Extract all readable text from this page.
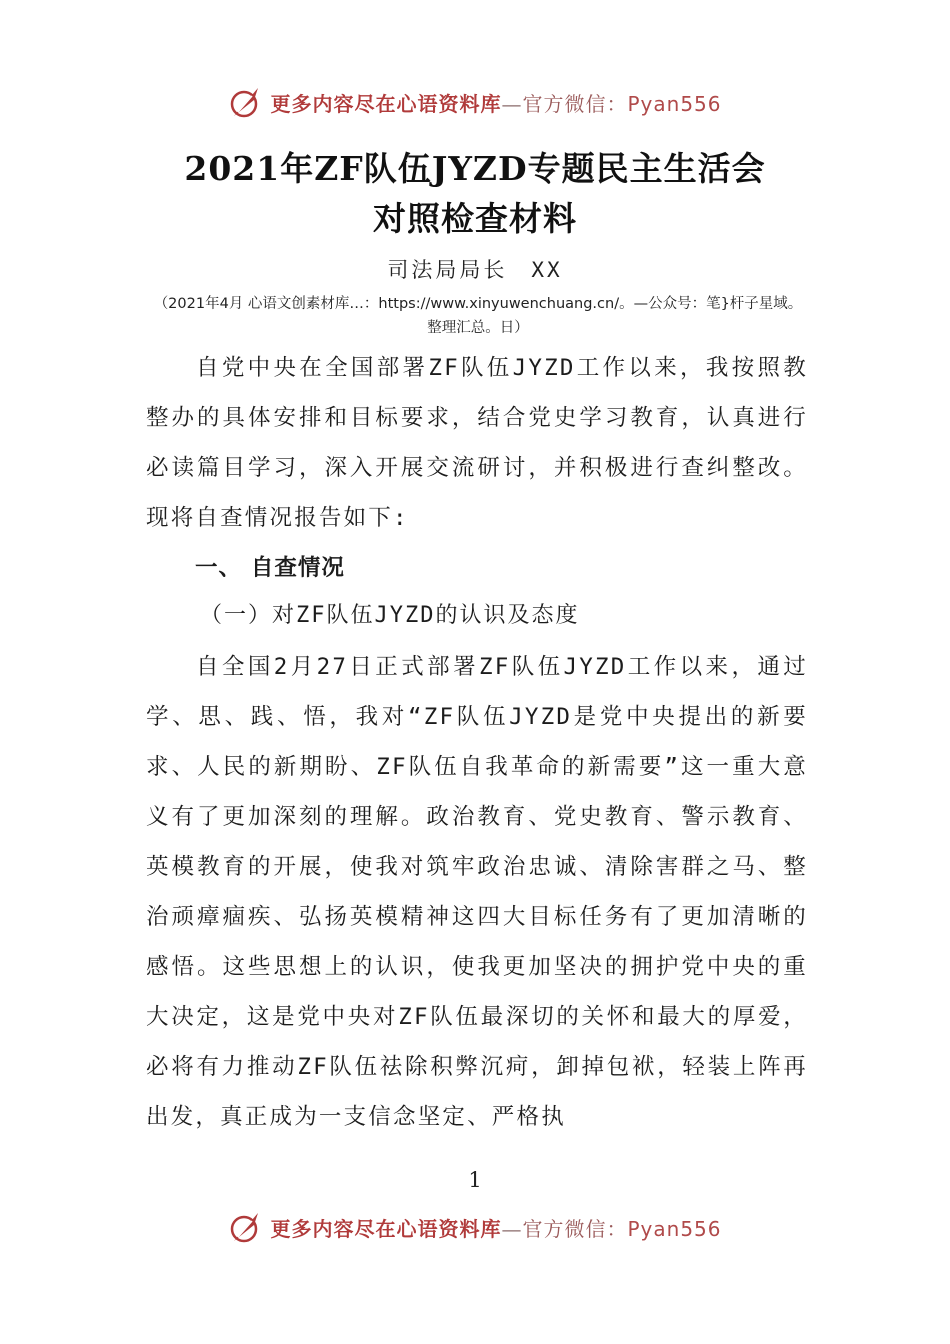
更多内容尽在心语资料库—官方微信：Pyan556
2021年ZF队伍JYZD专题民主生活会
对照检查材料
司法局局长　XX
（2021年4月 心语文创素材库…：https://www.xinyuwenchuang.cn/。—公众号：笔}杆子星域。整理汇总。日）

自党中央在全国部署ZF队伍JYZD工作以来，我按照教整办的具体安排和目标要求，结合党史学习教育，认真进行必读篇目学习，深入开展交流研讨，并积极进行查纠整改。现将自查情况报告如下:

一、 自查情况
（一）对ZF队伍JYZD的认识及态度

自全国2月27日正式部署ZF队伍JYZD工作以来，通过学、思、践、悟，我对“ZF队伍JYZD是党中央提出的新要求、人民的新期盼、ZF队伍自我革命的新需要”这一重大意义有了更加深刻的理解。政治教育、党史教育、警示教育、英模教育的开展，使我对筑牢政治忠诚、清除害群之马、整治顽瘴痼疾、弘扬英模精神这四大目标任务有了更加清晰的感悟。这些思想上的认识，使我更加坚决的拥护党中央的重大决定，这是党中央对ZF队伍最深切的关怀和最大的厚爱，必将有力推动ZF队伍祛除积弊沉疴，卸掉包袱，轻装上阵再出发，真正成为一支信念坚定、严格执

1
更多内容尽在心语资料库—官方微信：Pyan556
